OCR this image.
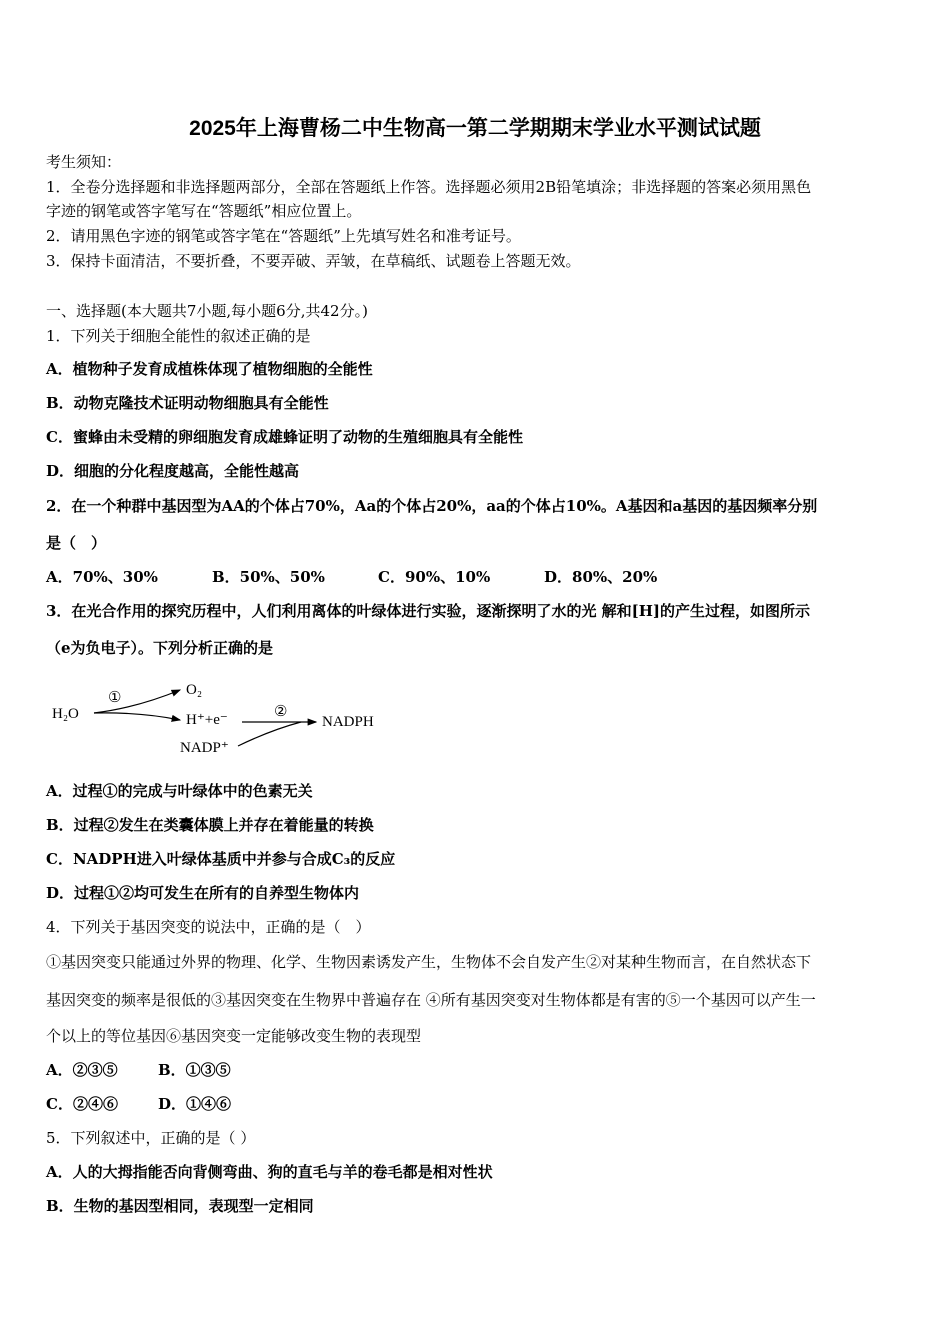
2025年上海曹杨二中生物高一第二学期期末学业水平测试试题
考生须知：
1．全卷分选择题和非选择题两部分，全部在答题纸上作答。选择题必须用2B铅笔填涂；非选择题的答案必须用黑色
字迹的钢笔或答字笔写在“答题纸”相应位置上。
2．请用黑色字迹的钢笔或答字笔在“答题纸”上先填写姓名和准考证号。
3．保持卡面清洁，不要折叠，不要弄破、弄皱，在草稿纸、试题卷上答题无效。
一、选择题(本大题共7小题,每小题6分,共42分。)
1．下列关于细胞全能性的叙述正确的是
A．植物种子发育成植株体现了植物细胞的全能性
B．动物克隆技术证明动物细胞具有全能性
C．蜜蜂由未受精的卵细胞发育成雄蜂证明了动物的生殖细胞具有全能性
D．细胞的分化程度越高，全能性越高
2．在一个种群中基因型为AA的个体占70%，Aa的个体占20%，aa的个体占10%。A基因和a基因的基因频率分别
是（　）
A．70%、30%	B．50%、50%	C．90%、10%	D．80%、20%
3．在光合作用的探究历程中，人们利用离体的叶绿体进行实验，逐渐探明了水的光 解和[H]的产生过程，如图所示
（e为负电子）。下列分析正确的是
H₂O
①	O₂
H⁺+e⁻	②
NADPH
NADP⁺
A．过程①的完成与叶绿体中的色素无关
B．过程②发生在类囊体膜上并存在着能量的转换
C．NADPH进入叶绿体基质中并参与合成C₃的反应
D．过程①②均可发生在所有的自养型生物体内
4．下列关于基因突变的说法中，正确的是（　）
①基因突变只能通过外界的物理、化学、生物因素诱发产生，生物体不会自发产生②对某种生物而言，在自然状态下
基因突变的频率是很低的③基因突变在生物界中普遍存在 ④所有基因突变对生物体都是有害的⑤一个基因可以产生一
个以上的等位基因⑥基因突变一定能够改变生物的表现型
A．②③⑤	B．①③⑤
C．②④⑥	D．①④⑥
5．下列叙述中，正确的是（ ）
A．人的大拇指能否向背侧弯曲、狗的直毛与羊的卷毛都是相对性状
B．生物的基因型相同，表现型一定相同
